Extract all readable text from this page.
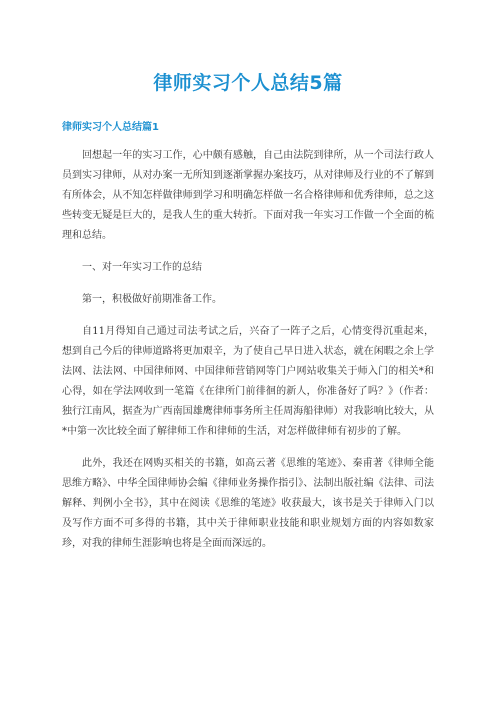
律师实习个人总结5篇
律师实习个人总结篇1

回想起一年的实习工作，心中颇有感触，自己由法院到律所，从一个司法行政人员到实习律师，从对办案一无所知到逐渐掌握办案技巧，从对律师及行业的不了解到有所体会，从不知怎样做律师到学习和明确怎样做一名合格律师和优秀律师，总之这些转变无疑是巨大的，是我人生的重大转折。下面对我一年实习工作做一个全面的梳理和总结。

一、对一年实习工作的总结

第一，积极做好前期准备工作。

自11月得知自己通过司法考试之后，兴奋了一阵子之后，心情变得沉重起来，想到自己今后的律师道路将更加艰辛，为了使自己早日进入状态，就在闲暇之余上学法网、法法网、中国律师网、中国律师营销网等门户网站收集关于师入门的相关*和心得，如在学法网收到一笔篇《在律所门前徘徊的新人，你准备好了吗？》（作者：独行江南风，据查为广西南国雄鹰律师事务所主任周海船律师）对我影响比较大，从*中第一次比较全面了解律师工作和律师的生活，对怎样做律师有初步的了解。

此外，我还在网购买相关的书籍，如高云著《思维的笔迹》、秦甫著《律师全能思维方略》、中华全国律师协会编《律师业务操作指引》、法制出版社编《法律、司法解释、判例小全书》，其中在阅读《思维的笔迹》收获最大，该书是关于律师入门以及写作方面不可多得的书籍，其中关于律师职业技能和职业规划方面的内容如数家珍，对我的律师生涯影响也将是全面而深远的。
